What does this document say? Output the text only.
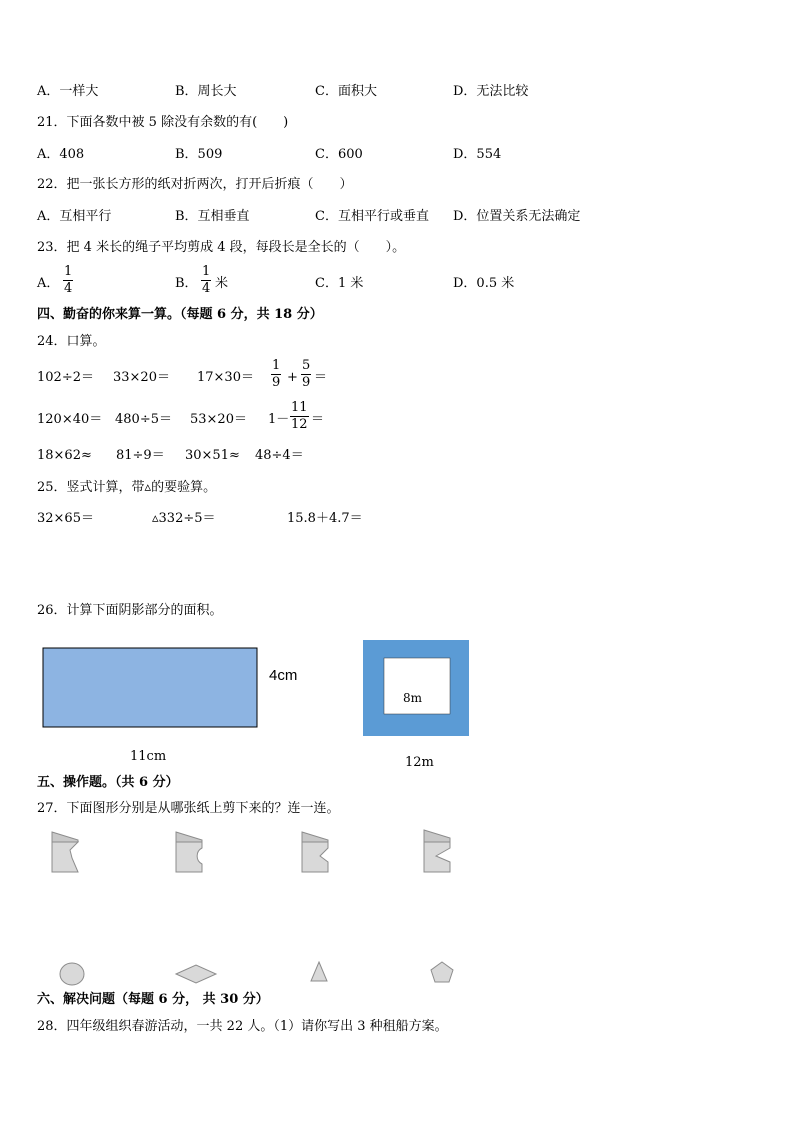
A．一样大	B．周长大	C．面积大	D．无法比较
21．下面各数中被 5 除没有余数的有(　　)
A．408	B．509	C．600	D．554
22．把一张长方形的纸对折两次，打开后折痕（　　）
A．互相平行	B．互相垂直	C．互相平行或垂直 D．位置关系无法确定
23．把 4 米长的绳子平均剪成 4 段，每段长是全长的（　　）。
A． $\frac{1}{4}$	B． $\frac{1}{4}$ 米	C．1 米	D．0.5 米
四、勤奋的你来算一算。（每题 6 分，共 18 分）
24．口算。
$102\div 2= 33\times 20= 17\times 30= \frac{1}{9} + \frac{5}{9}$ ＝
$120\times 40= 480\div 5= 53\times 20= 1- \frac{11}{12}$ ＝
18×62≈ 81÷9＝ 30×51≈ 48÷4＝
25．竖式计算，带▵的要验算。
32×65＝	▵332÷5＝	15.8＋4.7＝
26．计算下面阴影部分的面积。
4cm
11cm
8m
12m
五、操作题。（共 6 分）
27．下面图形分别是从哪张纸上剪下来的？连一连。
六、解决问题（每题 6 分， 共 30 分）
28．四年级组织春游活动，一共 22 人。（1）请你写出 3 种租船方案。
